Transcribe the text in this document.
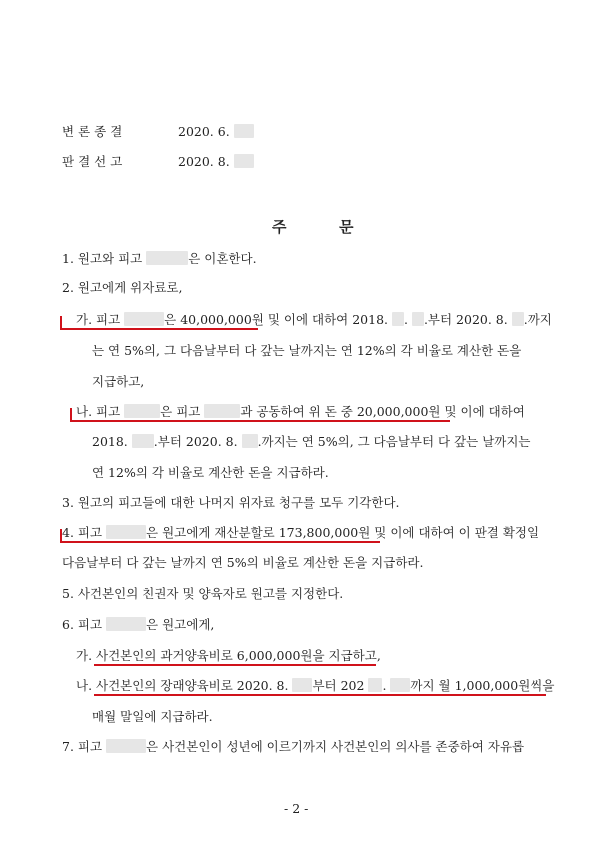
변론종결	2020. 6.
판결선고	2020. 8.
주	문
1. 원고와 피고	은 이혼한다.
2. 원고에게 위자료로,
가. 피고	은 40,000,000원 및 이에 대하여 2018. . .부터 2020. 8. .까지
는 연 5%의, 그 다음날부터 다 갚는 날까지는 연 12%의 각 비율로 계산한 돈을
지급하고,
나. 피고	은 피고	과 공동하여 위 돈 중 20,000,000원 및 이에 대하여
2018. .부터 2020. 8. .까지는 연 5%의, 그 다음날부터 다 갚는 날까지는
연 12%의 각 비율로 계산한 돈을 지급하라.
3. 원고의 피고들에 대한 나머지 위자료 청구를 모두 기각한다.
4. 피고	은 원고에게 재산분할로 173,800,000원 및 이에 대하여 이 판결 확정일
다음날부터 다 갚는 날까지 연 5%의 비율로 계산한 돈을 지급하라.
5. 사건본인의 친권자 및 양육자로 원고를 지정한다.
6. 피고	은 원고에게,
가. 사건본인의 과거양육비로 6,000,000원을 지급하고,
나. 사건본인의 장래양육비로 2020. 8. 부터 202 . 까지 월 1,000,000원씩을
매월 말일에 지급하라.
7. 피고	은 사건본인이 성년에 이르기까지 사건본인의 의사를 존중하여 자유롭
- 2 -
